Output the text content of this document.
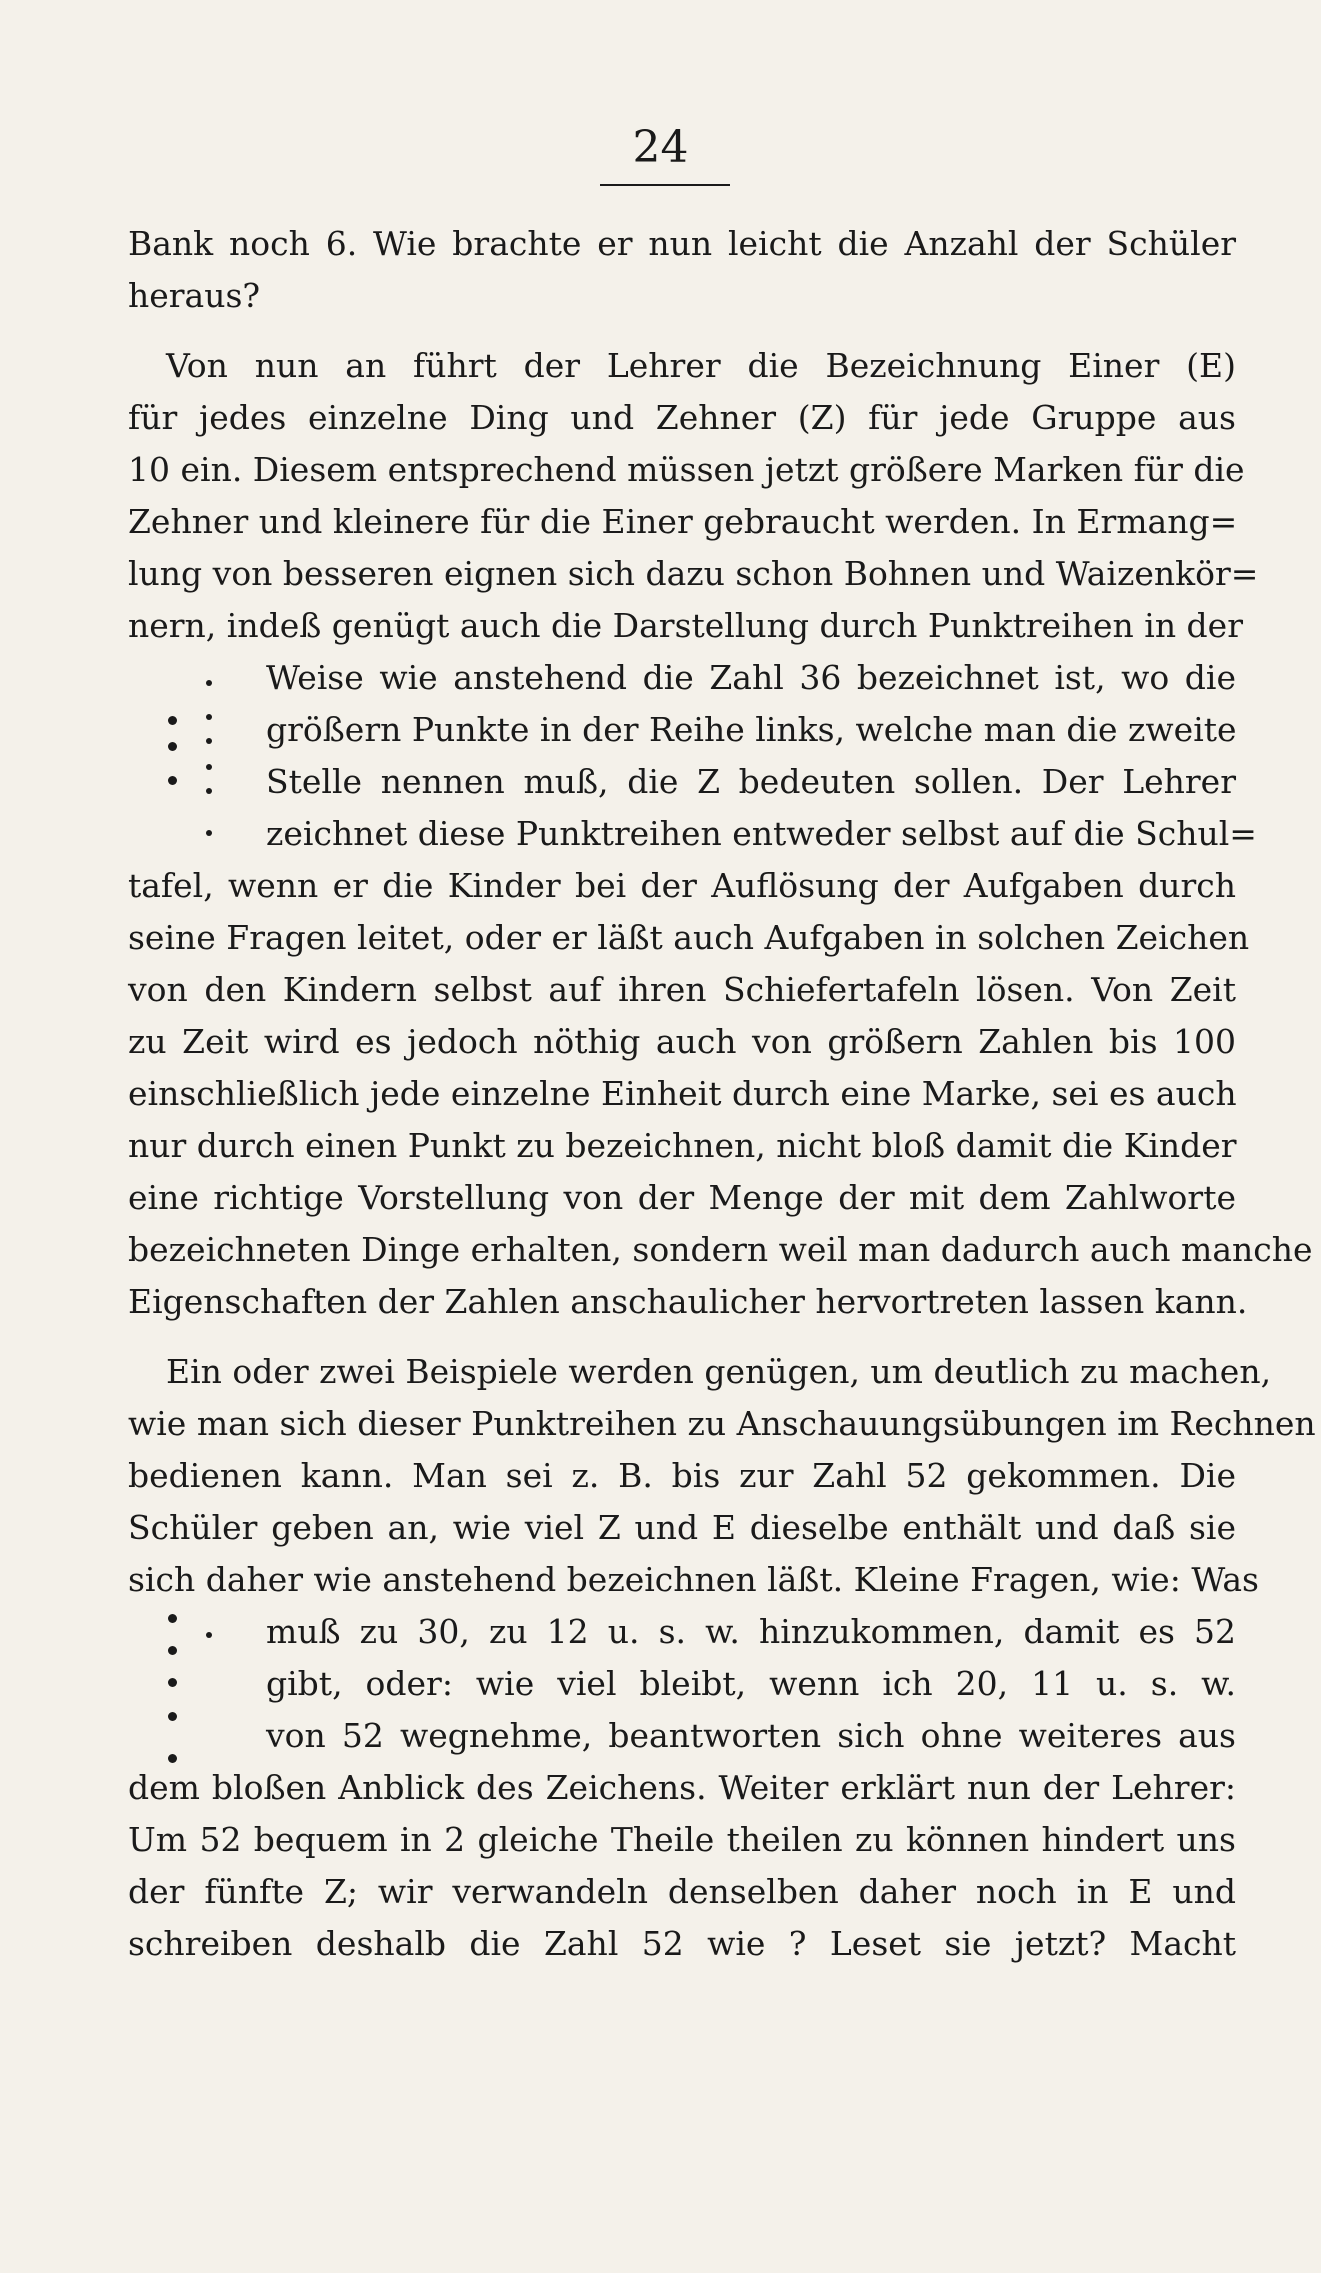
24
Bank noch 6. Wie brachte er nun leicht die Anzahl der Schüler
heraus?
Von nun an führt der Lehrer die Bezeichnung Einer (E)
für jedes einzelne Ding und Zehner (Z) für jede Gruppe aus
10 ein. Diesem entsprechend müssen jetzt größere Marken für die
Zehner und kleinere für die Einer gebraucht werden. In Ermang=
lung von besseren eignen sich dazu schon Bohnen und Waizenkör=
nern, indeß genügt auch die Darstellung durch Punktreihen in der
Weise wie anstehend die Zahl 36 bezeichnet ist, wo die
größern Punkte in der Reihe links, welche man die zweite
Stelle nennen muß, die Z bedeuten sollen. Der Lehrer
zeichnet diese Punktreihen entweder selbst auf die Schul=
tafel, wenn er die Kinder bei der Auflösung der Aufgaben durch
seine Fragen leitet, oder er läßt auch Aufgaben in solchen Zeichen
von den Kindern selbst auf ihren Schiefertafeln lösen. Von Zeit
zu Zeit wird es jedoch nöthig auch von größern Zahlen bis 100
einschließlich jede einzelne Einheit durch eine Marke, sei es auch
nur durch einen Punkt zu bezeichnen, nicht bloß damit die Kinder
eine richtige Vorstellung von der Menge der mit dem Zahlworte
bezeichneten Dinge erhalten, sondern weil man dadurch auch manche
Eigenschaften der Zahlen anschaulicher hervortreten lassen kann.
Ein oder zwei Beispiele werden genügen, um deutlich zu machen,
wie man sich dieser Punktreihen zu Anschauungsübungen im Rechnen
bedienen kann. Man sei z. B. bis zur Zahl 52 gekommen. Die
Schüler geben an, wie viel Z und E dieselbe enthält und daß sie
sich daher wie anstehend bezeichnen läßt. Kleine Fragen, wie: Was
muß zu 30, zu 12 u. s. w. hinzukommen, damit es 52
gibt, oder: wie viel bleibt, wenn ich 20, 11 u. s. w.
von 52 wegnehme, beantworten sich ohne weiteres aus
dem bloßen Anblick des Zeichens. Weiter erklärt nun der Lehrer:
Um 52 bequem in 2 gleiche Theile theilen zu können hindert uns
der fünfte Z; wir verwandeln denselben daher noch in E und
schreiben deshalb die Zahl 52 wie ? Leset sie jetzt? Macht
